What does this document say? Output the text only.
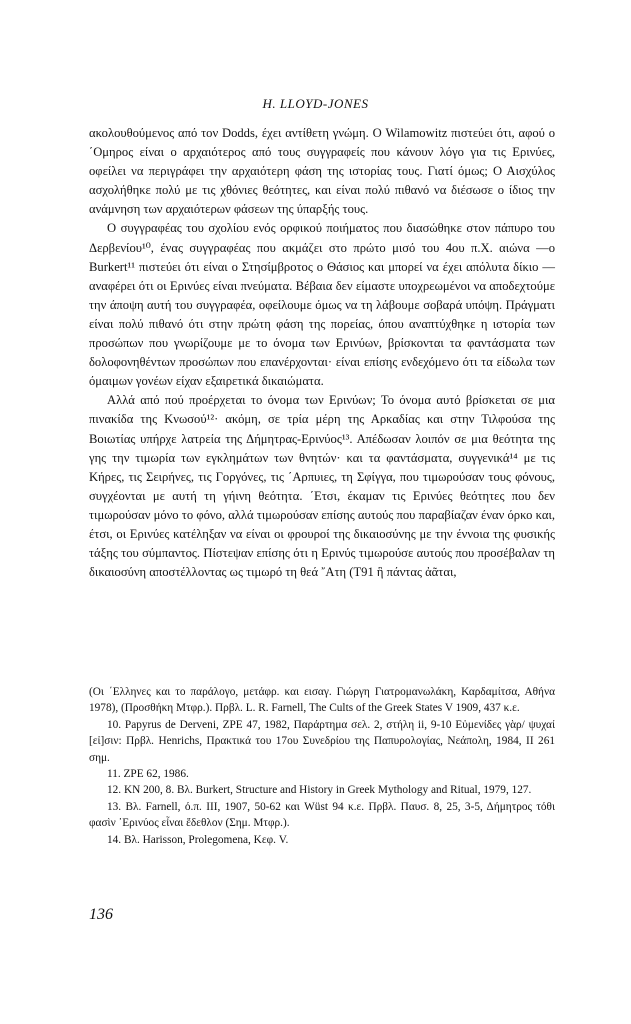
H. LLOYD-JONES

ακολουθούμενος από τον Dodds, έχει αντίθετη γνώμη. Ο Wilamowitz πιστεύει ότι, αφού ο ΄Ομηρος είναι ο αρχαιότερος από τους συγγραφείς που κάνουν λόγο για τις Ερινύες, οφείλει να περιγράφει την αρχαιότερη φάση της ιστορίας τους. Γιατί όμως; Ο Αισχύλος ασχολήθηκε πολύ με τις χθόνιες θεότητες, και είναι πολύ πιθανό να διέσωσε ο ίδιος την ανάμνηση των αρχαιότερων φάσεων της ύπαρξής τους.

Ο συγγραφέας του σχολίου ενός ορφικού ποιήματος που διασώθηκε στον πάπυρο του Δερβενίου¹⁰, ένας συγγραφέας που ακμάζει στο πρώτο μισό του 4ου π.Χ. αιώνα —ο Burkert¹¹ πιστεύει ότι είναι ο Στησίμβροτος ο Θάσιος και μπορεί να έχει απόλυτα δίκιο —αναφέρει ότι οι Ερινύες είναι πνεύματα. Βέβαια δεν είμαστε υποχρεωμένοι να αποδεχτούμε την άποψη αυτή του συγγραφέα, οφείλουμε όμως να τη λάβουμε σοβαρά υπόψη. Πράγματι είναι πολύ πιθανό ότι στην πρώτη φάση της πορείας, όπου αναπτύχθηκε η ιστορία των προσώπων που γνωρίζουμε με το όνομα των Ερινύων, βρίσκονται τα φαντάσματα των δολοφονηθέντων προσώπων που επανέρχονται· είναι επίσης ενδεχόμενο ότι τα είδωλα των όμαιμων γονέων είχαν εξαιρετικά δικαιώματα.

Αλλά από πού προέρχεται το όνομα των Ερινύων; Το όνομα αυτό βρίσκεται σε μια πινακίδα της Κνωσού¹²· ακόμη, σε τρία μέρη της Αρκαδίας και στην Τιλφούσα της Βοιωτίας υπήρχε λατρεία της Δήμητρας-Ερινύος¹³. Απέδωσαν λοιπόν σε μια θεότητα της γης την τιμωρία των εγκλημάτων των θνητών· και τα φαντάσματα, συγγενικά¹⁴ με τις Κήρες, τις Σειρήνες, τις Γοργόνες, τις ΄Αρπυιες, τη Σφίγγα, που τιμωρούσαν τους φόνους, συγχέονται με αυτή τη γήινη θεότητα. ΄Ετσι, έκαμαν τις Ερινύες θεότητες που δεν τιμωρούσαν μόνο το φόνο, αλλά τιμωρούσαν επίσης αυτούς που παραβίαζαν έναν όρκο και, έτσι, οι Ερινύες κατέληξαν να είναι οι φρουροί της δικαιοσύνης με την έννοια της φυσικής τάξης του σύμπαντος. Πίστεψαν επίσης ότι η Ερινύς τιμωρούσε αυτούς που προσέβαλαν τη δικαιοσύνη αποστέλλοντας ως τιμωρό τη θεά ῎Ατη (Τ91 ἣ πάντας ἀᾶται,

(Οι ΄Ελληνες και το παράλογο, μετάφρ. και εισαγ. Γιώργη Γιατρομανωλάκη, Καρδαμίτσα, Αθήνα 1978), (Προσθήκη Μτφρ.). Πρβλ. L. R. Farnell, The Cults of the Greek States V 1909, 437 κ.ε.

10. Papyrus de Derveni, ZPE 47, 1982, Παράρτημα σελ. 2, στήλη ii, 9-10 Εὐμενίδες γὰρ/ ψυχαί [εἰ]σιν: Πρβλ. Henrichs, Πρακτικά του 17ου Συνεδρίου της Παπυρολογίας, Νεάπολη, 1984, II 261 σημ.

11. ZPE 62, 1986.

12. KN 200, 8. Βλ. Burkert, Structure and History in Greek Mythology and Ritual, 1979, 127.

13. Βλ. Farnell, ό.π. III, 1907, 50-62 και Wüst 94 κ.ε. Πρβλ. Παυσ. 8, 25, 3-5, Δήμητρος τόθι φασὶν ᾽Ερινύος εἶναι ἕδεθλον (Σημ. Μτφρ.).

14. Βλ. Harisson, Prolegomena, Κεφ. V.

136
